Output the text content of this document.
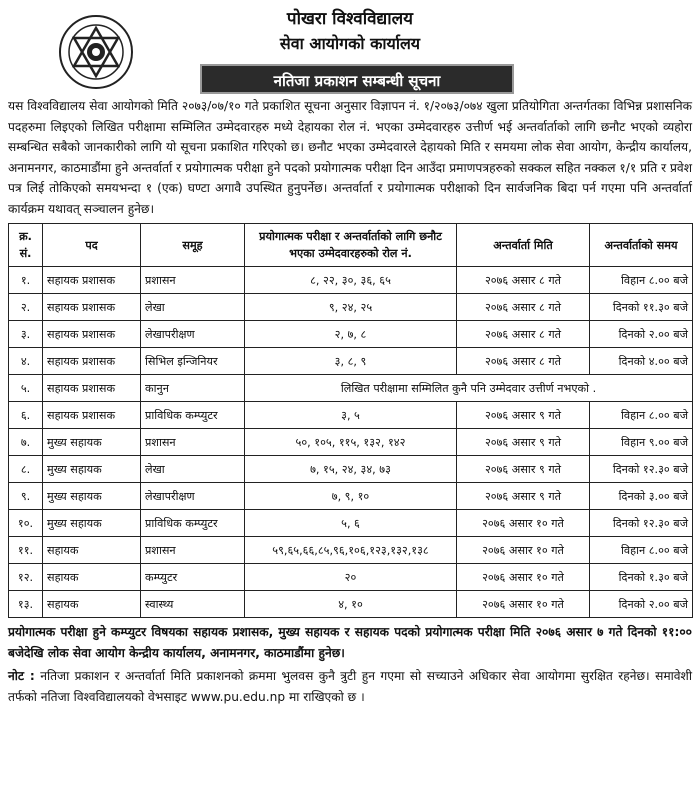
पोखरा विश्वविद्यालय
सेवा आयोगको कार्यालय
नतिजा प्रकाशन सम्बन्धी सूचना
यस विश्वविद्यालय सेवा आयोगको मिति २०७३/०७/१० गते प्रकाशित सूचना अनुसार विज्ञापन नं. १/२०७३/०७४ खुला प्रतियोगिता अन्तर्गतका विभिन्न प्रशासनिक पदहरुमा लिइएको लिखित परीक्षामा सम्मिलित उम्मेदवारहरु मध्ये देहायका रोल नं. भएका उम्मेदवारहरु उत्तीर्ण भई अन्तर्वार्ताको लागि छनौट भएको व्यहोरा सम्बन्धित सबैको जानकारीको लागि यो सूचना प्रकाशित गरिएको छ। छनौट भएका उम्मेदवारले देहायको मिति र समयमा लोक सेवा आयोग, केन्द्रीय कार्यालय, अनामनगर, काठमाडौंमा हुने अन्तर्वार्ता र प्रयोगात्मक परीक्षा हुने पदको प्रयोगात्मक परीक्षा दिन आउँदा प्रमाणपत्रहरुको सक्कल सहित नक्कल १/१ प्रति र प्रवेश पत्र लिई तोकिएको समयभन्दा १ (एक) घण्टा अगावै उपस्थित हुनुपर्नेछ। अन्तर्वार्ता र प्रयोगात्मक परीक्षाको दिन सार्वजनिक बिदा पर्न गएमा पनि अन्तर्वार्ता कार्यक्रम यथावत् सञ्चालन हुनेछ।
क्र. सं.	पद	समूह	प्रयोगात्मक परीक्षा र अन्तर्वार्ताको लागि छनौट भएका उम्मेदवारहरुको रोल नं.	अन्तर्वार्ता मिति	अन्तर्वार्ताको समय
१.	सहायक प्रशासक	प्रशासन	८, २२, ३०, ३६, ६५	२०७६ असार ८ गते	विहान ८.०० बजे
२.	सहायक प्रशासक	लेखा	९, २४, २५	२०७६ असार ८ गते	दिनको ११.३० बजे
३.	सहायक प्रशासक	लेखापरीक्षण	२, ७, ८	२०७६ असार ८ गते	दिनको २.०० बजे
४.	सहायक प्रशासक	सिभिल इन्जिनियर	३, ८, ९	२०७६ असार ८ गते	दिनको ४.०० बजे
५.	सहायक प्रशासक	कानुन	लिखित परीक्षामा सम्मिलित कुनै पनि उम्मेदवार उत्तीर्ण नभएको .		
६.	सहायक प्रशासक	प्राविधिक कम्प्युटर	३, ५	२०७६ असार ९ गते	विहान ८.०० बजे
७.	मुख्य सहायक	प्रशासन	५०, १०५, ११५, १३२, १४२	२०७६ असार ९ गते	विहान ९.०० बजे
८.	मुख्य सहायक	लेखा	७, १५, २४, ३४, ७३	२०७६ असार ९ गते	दिनको १२.३० बजे
९.	मुख्य सहायक	लेखापरीक्षण	७, ९, १०	२०७६ असार ९ गते	दिनको ३.०० बजे
१०.	मुख्य सहायक	प्राविधिक कम्प्युटर	५, ६	२०७६ असार १० गते	दिनको १२.३० बजे
११.	सहायक	प्रशासन	५९,६५,६६,८५,९६,१०६,१२३,१३२,१३८	२०७६ असार १० गते	विहान ८.०० बजे
१२.	सहायक	कम्प्युटर	२०	२०७६ असार १० गते	दिनको १.३० बजे
१३.	सहायक	स्वास्थ्य	४, १०	२०७६ असार १० गते	दिनको २.०० बजे
प्रयोगात्मक परीक्षा हुने कम्प्युटर विषयका सहायक प्रशासक, मुख्य सहायक र सहायक पदको प्रयोगात्मक परीक्षा मिति २०७६ असार ७ गते दिनको ११:०० बजेदेखि लोक सेवा आयोग केन्द्रीय कार्यालय, अनामनगर, काठमाडौंमा हुनेछ।
नोट : नतिजा प्रकाशन र अन्तर्वार्ता मिति प्रकाशनको क्रममा भुलवस कुनै त्रुटी हुन गएमा सो सच्याउने अधिकार सेवा आयोगमा सुरक्षित रहनेछ। समावेशी तर्फको नतिजा विश्वविद्यालयको वेभसाइट www.pu.edu.np मा राखिएको छ ।
